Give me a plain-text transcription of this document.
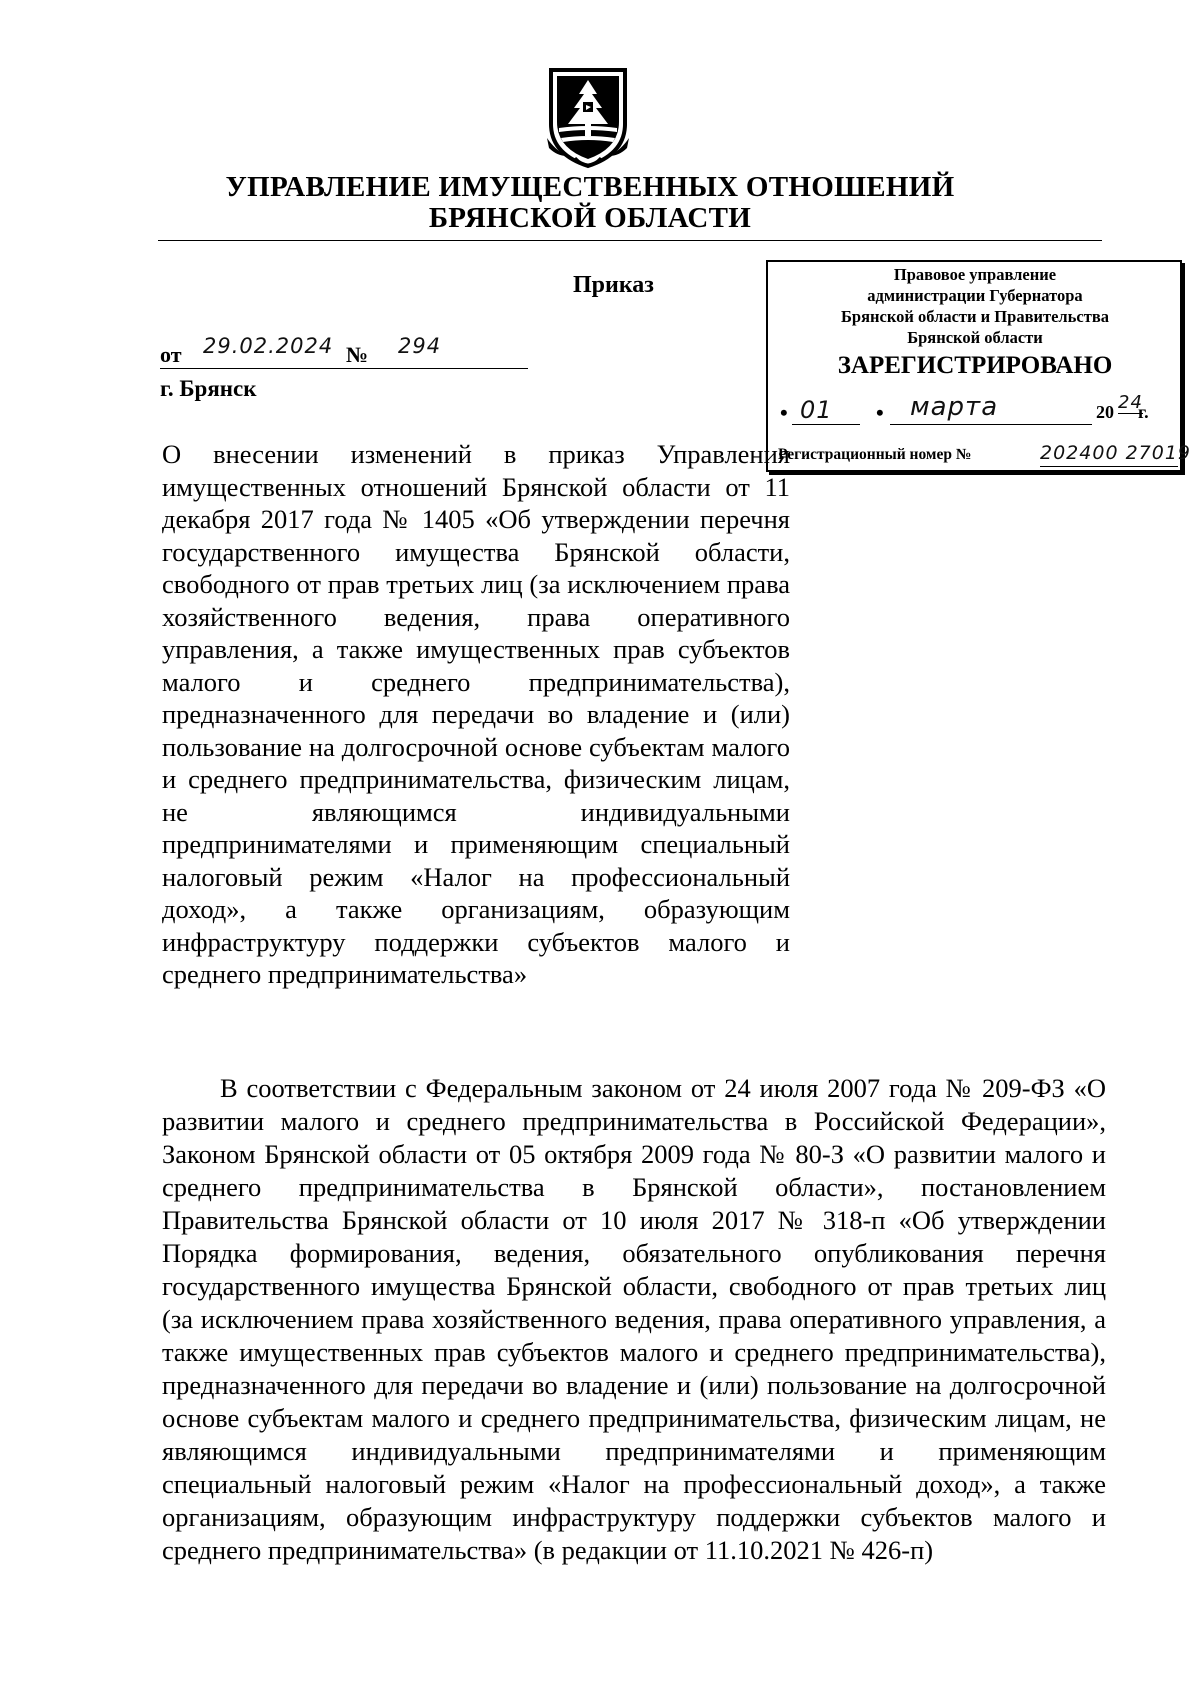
УПРАВЛЕНИЕ ИМУЩЕСТВЕННЫХ ОТНОШЕНИЙ
БРЯНСКОЙ ОБЛАСТИ
Приказ
от 29.02.2024 № 294
г. Брянск
Правовое управление
администрации Губернатора
Брянской области и Правительства
Брянской области
ЗАРЕГИСТРИРОВАНО
• 01 • марта	20 г.
24
Регистрационный номер №	202400 27019
О внесении изменений в приказ Управления имущественных отношений Брянской области от 11 декабря 2017 года № 1405 «Об утверждении перечня государственного имущества Брянской области, свободного от прав третьих лиц (за исключением права хозяйственного ведения, права оперативного управления, а также имущественных прав субъектов малого и среднего предпринимательства), предназначенного для передачи во владение и (или) пользование на долгосрочной основе субъектам малого и среднего предпринимательства, физическим лицам, не являющимся индивидуальными предпринимателями и применяющим специальный налоговый режим «Налог на профессиональный доход», а также организациям, образующим инфраструктуру поддержки субъектов малого и среднего предпринимательства»
В соответствии с Федеральным законом от 24 июля 2007 года № 209-ФЗ «О развитии малого и среднего предпринимательства в Российской Федерации», Законом Брянской области от 05 октября 2009 года № 80-З «О развитии малого и среднего предпринимательства в Брянской области», постановлением Правительства Брянской области от 10 июля 2017 № 318-п «Об утверждении Порядка формирования, ведения, обязательного опубликования перечня государственного имущества Брянской области, свободного от прав третьих лиц (за исключением права хозяйственного ведения, права оперативного управления, а также имущественных прав субъектов малого и среднего предпринимательства), предназначенного для передачи во владение и (или) пользование на долгосрочной основе субъектам малого и среднего предпринимательства, физическим лицам, не являющимся индивидуальными предпринимателями и применяющим специальный налоговый режим «Налог на профессиональный доход», а также организациям, образующим инфраструктуру поддержки субъектов малого и среднего предпринимательства» (в редакции от 11.10.2021 № 426-п)
